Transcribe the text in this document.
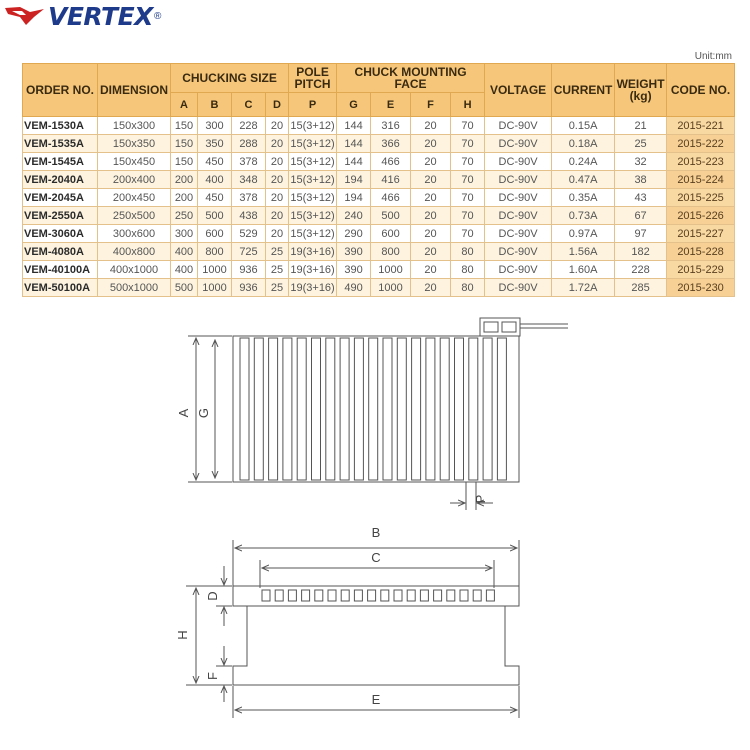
VERTEX ®
Unit:mm
ORDER NO.	DIMENSION	CHUCKING SIZE				POLE PITCH	CHUCK MOUNTING FACE				VOLTAGE	CURRENT	WEIGHT (kg)	CODE NO.
		A	B	C	D	P	G	E	F	H				
VEM-1530A	150x300	150	300	228	20	15(3+12)	144	316	20	70	DC-90V	0.15A	21	2015-221
VEM-1535A	150x350	150	350	288	20	15(3+12)	144	366	20	70	DC-90V	0.18A	25	2015-222
VEM-1545A	150x450	150	450	378	20	15(3+12)	144	466	20	70	DC-90V	0.24A	32	2015-223
VEM-2040A	200x400	200	400	348	20	15(3+12)	194	416	20	70	DC-90V	0.47A	38	2015-224
VEM-2045A	200x450	200	450	378	20	15(3+12)	194	466	20	70	DC-90V	0.35A	43	2015-225
VEM-2550A	250x500	250	500	438	20	15(3+12)	240	500	20	70	DC-90V	0.73A	67	2015-226
VEM-3060A	300x600	300	600	529	20	15(3+12)	290	600	20	70	DC-90V	0.97A	97	2015-227
VEM-4080A	400x800	400	800	725	25	19(3+16)	390	800	20	80	DC-90V	1.56A	182	2015-228
VEM-40100A	400x1000	400	1000	936	25	19(3+16)	390	1000	20	80	DC-90V	1.60A	228	2015-229
VEM-50100A	500x1000	500	1000	936	25	19(3+16)	490	1000	20	80	DC-90V	1.72A	285	2015-230
A G
P
B
C
E
H
D
F
